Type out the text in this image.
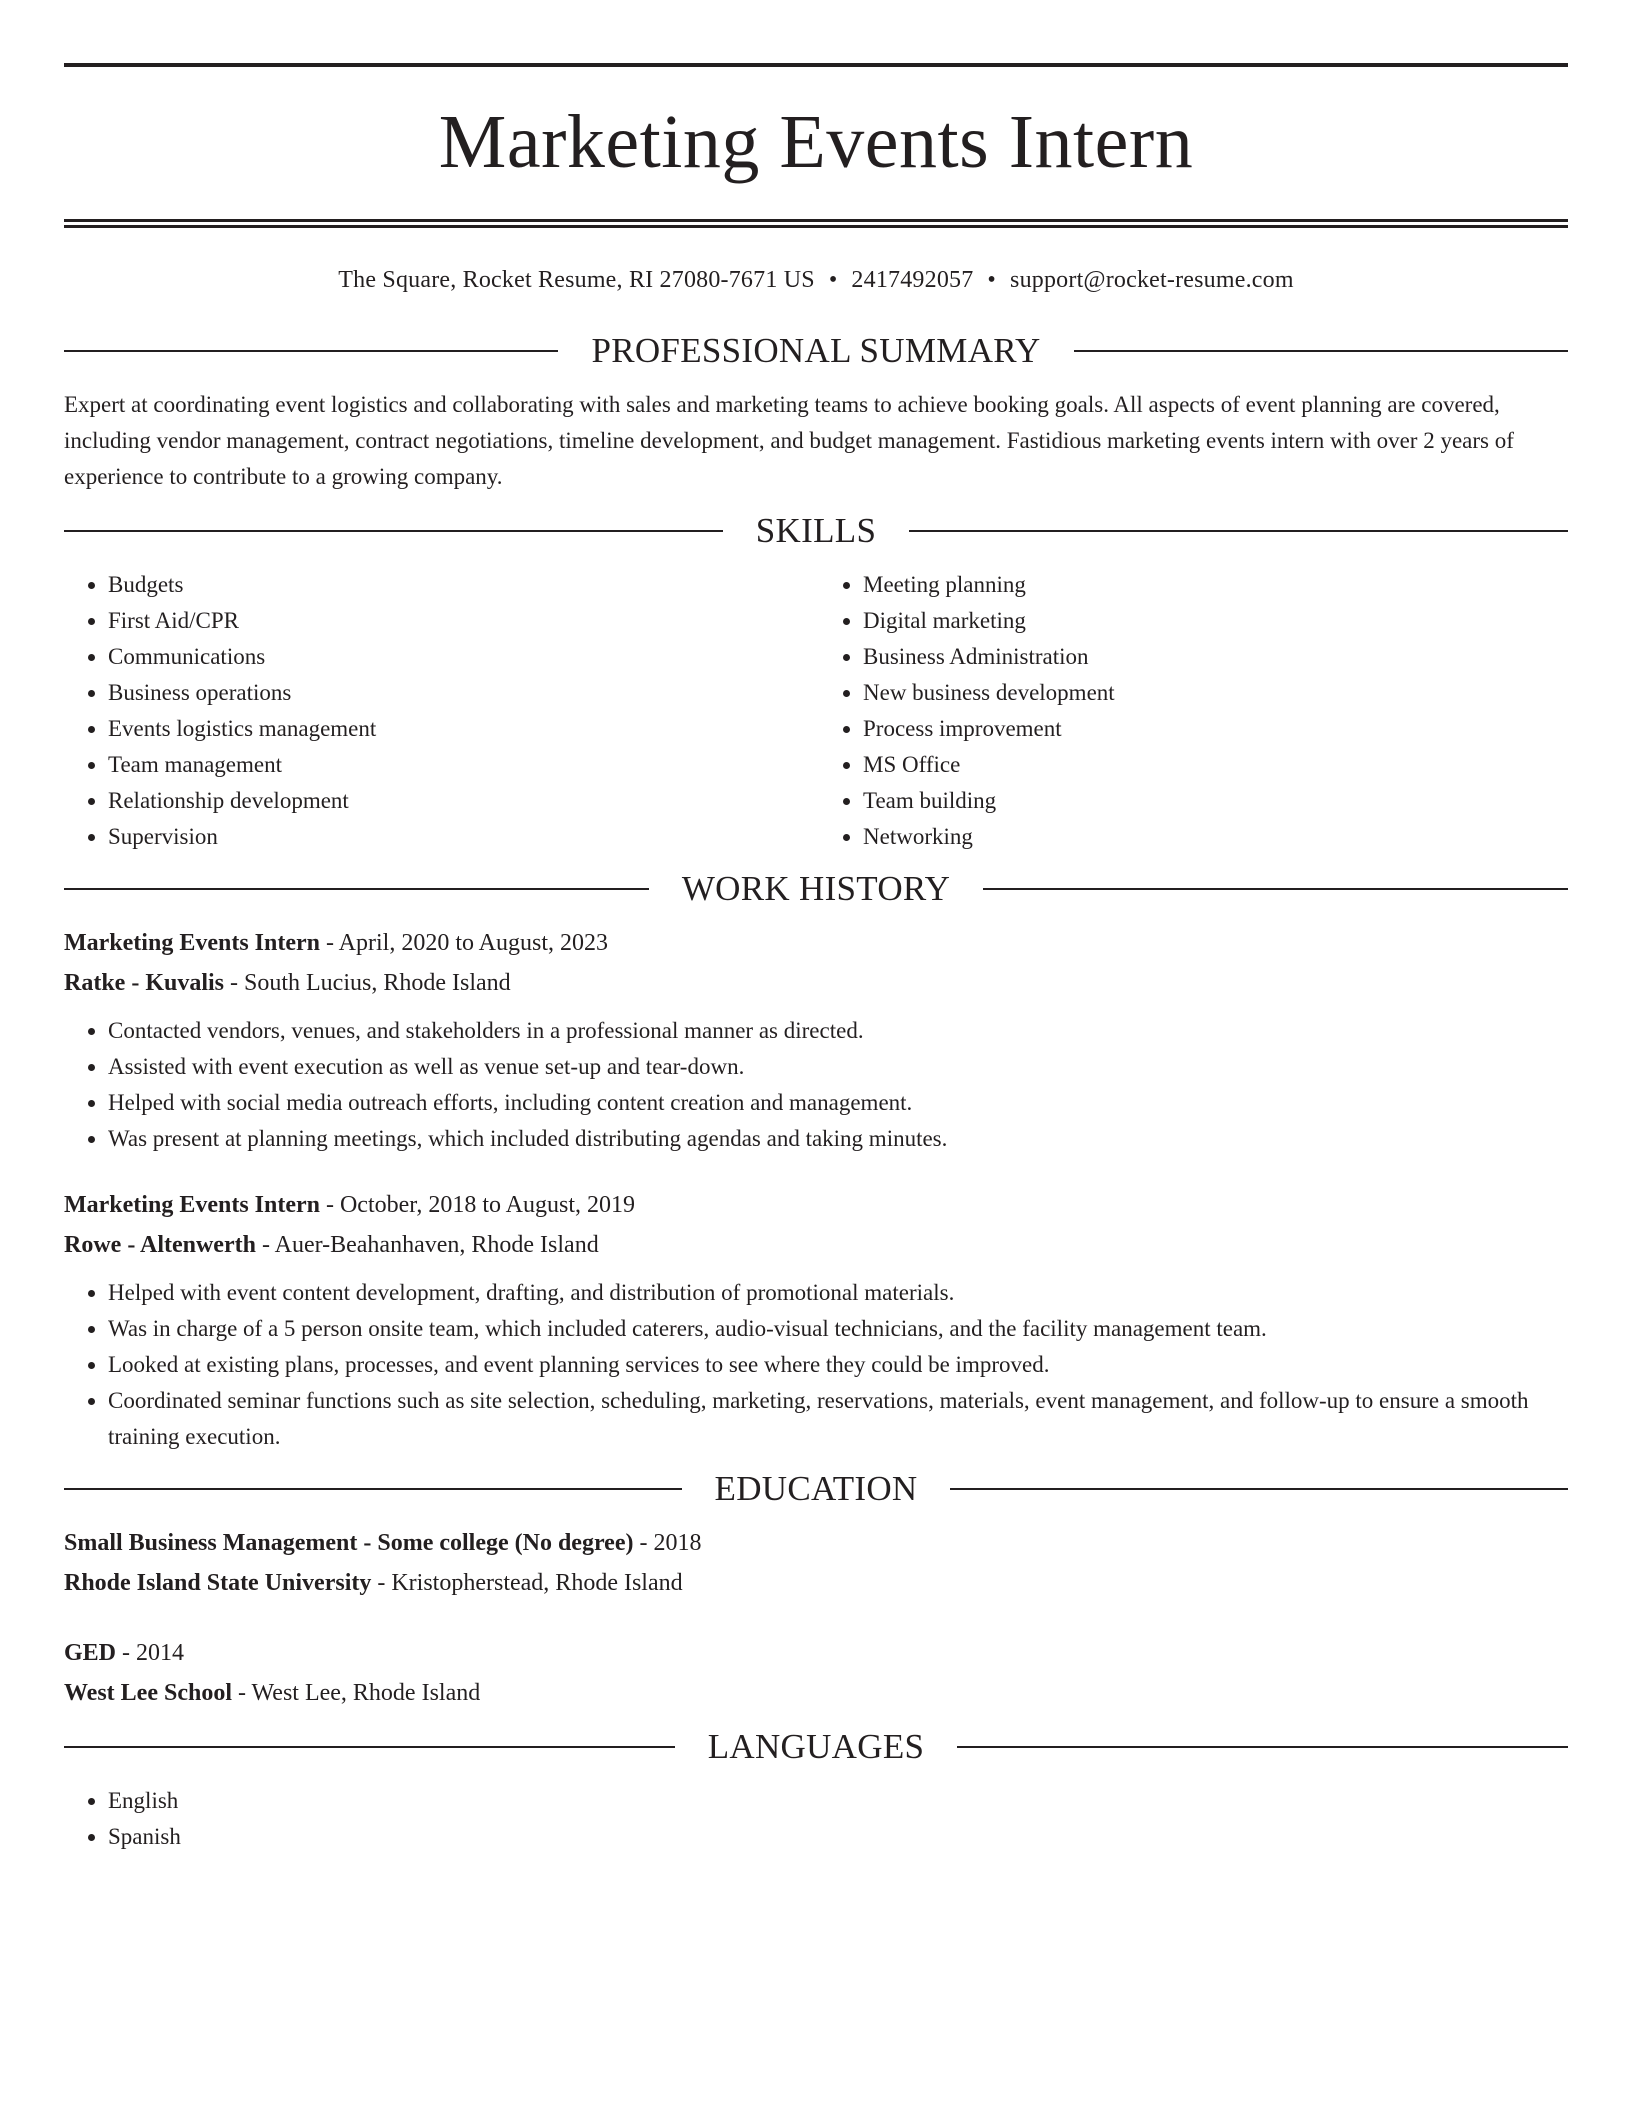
Marketing Events Intern
The Square, Rocket Resume, RI 27080-7671 US • 2417492057 • support@rocket-resume.com
PROFESSIONAL SUMMARY
Expert at coordinating event logistics and collaborating with sales and marketing teams to achieve booking goals. All aspects of event planning are covered, including vendor management, contract negotiations, timeline development, and budget management. Fastidious marketing events intern with over 2 years of experience to contribute to a growing company.
SKILLS
• Budgets
• First Aid/CPR
• Communications
• Business operations
• Events logistics management
• Team management
• Relationship development
• Supervision
• Meeting planning
• Digital marketing
• Business Administration
• New business development
• Process improvement
• MS Office
• Team building
• Networking
WORK HISTORY
Marketing Events Intern - April, 2020 to August, 2023
Ratke - Kuvalis - South Lucius, Rhode Island
• Contacted vendors, venues, and stakeholders in a professional manner as directed.
• Assisted with event execution as well as venue set-up and tear-down.
• Helped with social media outreach efforts, including content creation and management.
• Was present at planning meetings, which included distributing agendas and taking minutes.
Marketing Events Intern - October, 2018 to August, 2019
Rowe - Altenwerth - Auer-Beahanhaven, Rhode Island
• Helped with event content development, drafting, and distribution of promotional materials.
• Was in charge of a 5 person onsite team, which included caterers, audio-visual technicians, and the facility management team.
• Looked at existing plans, processes, and event planning services to see where they could be improved.
• Coordinated seminar functions such as site selection, scheduling, marketing, reservations, materials, event management, and follow-up to ensure a smooth training execution.
EDUCATION
Small Business Management - Some college (No degree) - 2018
Rhode Island State University - Kristopherstead, Rhode Island
GED - 2014
West Lee School - West Lee, Rhode Island
LANGUAGES
• English
• Spanish
